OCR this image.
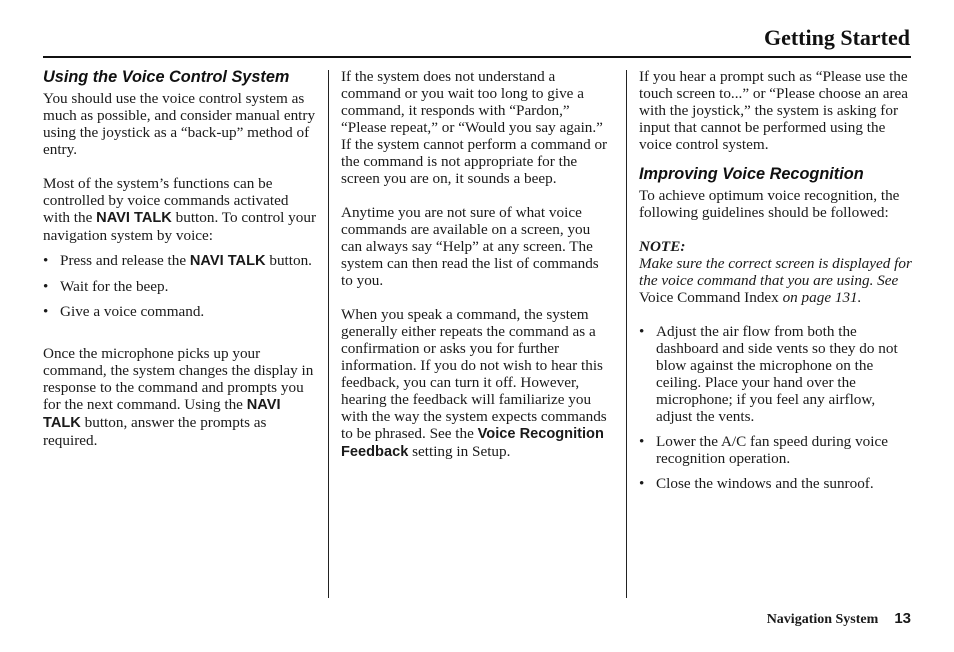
Getting Started
Using the Voice Control System

You should use the voice control system as much as possible, and consider manual entry using the joystick as a “back-up” method of entry.

Most of the system’s functions can be controlled by voice commands activated with the NAVI TALK button. To control your navigation system by voice:

• Press and release the NAVI TALK button.
• Wait for the beep.
• Give a voice command.

Once the microphone picks up your command, the system changes the display in response to the command and prompts you for the next command. Using the NAVI TALK button, answer the prompts as required.

If the system does not understand a command or you wait too long to give a command, it responds with “Pardon,” “Please repeat,” or “Would you say again.” If the system cannot perform a command or the command is not appropriate for the screen you are on, it sounds a beep.

Anytime you are not sure of what voice commands are available on a screen, you can always say “Help” at any screen. The system can then read the list of commands to you.

When you speak a command, the system generally either repeats the command as a confirmation or asks you for further information. If you do not wish to hear this feedback, you can turn it off. However, hearing the feedback will familiarize you with the way the system expects commands to be phrased. See the Voice Recognition Feedback setting in Setup.

If you hear a prompt such as “Please use the touch screen to...” or “Please choose an area with the joystick,” the system is asking for input that cannot be performed using the voice control system.

Improving Voice Recognition

To achieve optimum voice recognition, the following guidelines should be followed:

NOTE:

Make sure the correct screen is displayed for the voice command that you are using. See Voice Command Index on page 131.

• Adjust the air flow from both the dashboard and side vents so they do not blow against the microphone on the ceiling. Place your hand over the microphone; if you feel any airflow, adjust the vents.
• Lower the A/C fan speed during voice recognition operation.
• Close the windows and the sunroof.
Navigation System 13
